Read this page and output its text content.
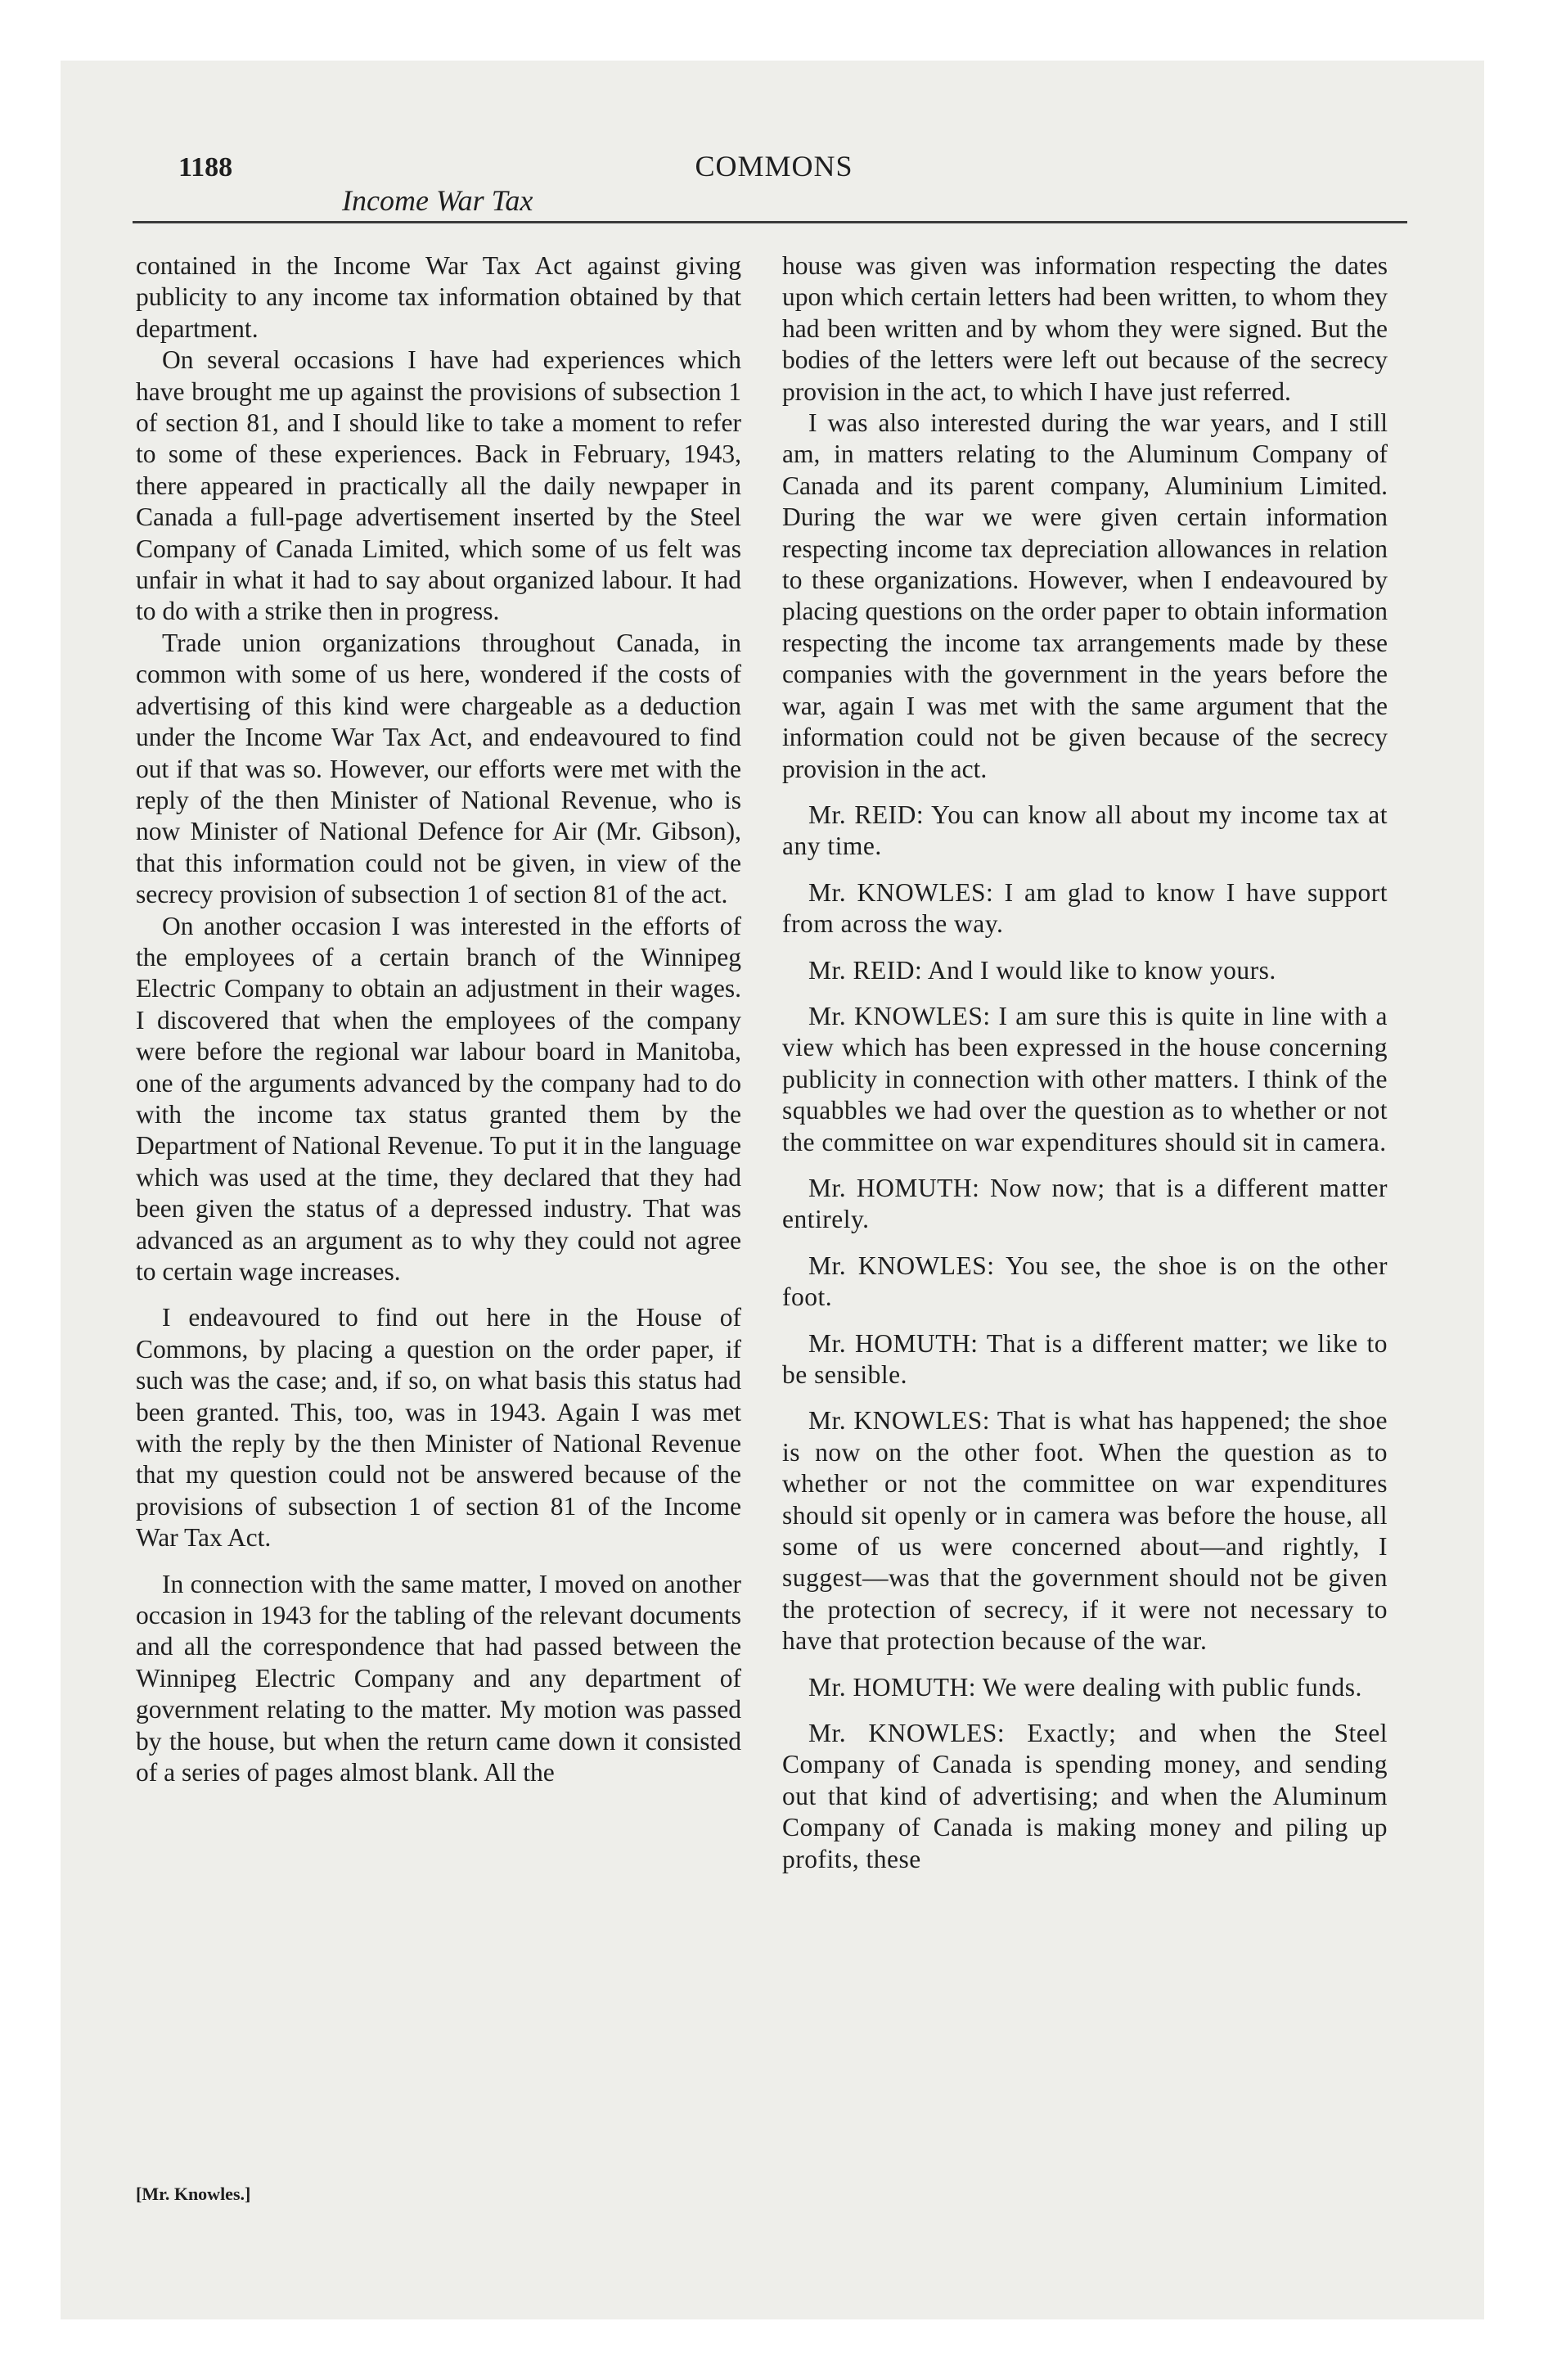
1188	COMMONS
Income War Tax

contained in the Income War Tax Act against giving publicity to any income tax information obtained by that department.

On several occasions I have had experiences which have brought me up against the provisions of subsection 1 of section 81, and I should like to take a moment to refer to some of these experiences. Back in February, 1943, there appeared in practically all the daily newpaper in Canada a full-page advertisement inserted by the Steel Company of Canada Limited, which some of us felt was unfair in what it had to say about organized labour. It had to do with a strike then in progress.

Trade union organizations throughout Canada, in common with some of us here, wondered if the costs of advertising of this kind were chargeable as a deduction under the Income War Tax Act, and endeavoured to find out if that was so. However, our efforts were met with the reply of the then Minister of National Revenue, who is now Minister of National Defence for Air (Mr. Gibson), that this information could not be given, in view of the secrecy provision of subsection 1 of section 81 of the act.

On another occasion I was interested in the efforts of the employees of a certain branch of the Winnipeg Electric Company to obtain an adjustment in their wages. I discovered that when the employees of the company were before the regional war labour board in Manitoba, one of the arguments advanced by the company had to do with the income tax status granted them by the Department of National Revenue. To put it in the language which was used at the time, they declared that they had been given the status of a depressed industry. That was advanced as an argument as to why they could not agree to certain wage increases.

I endeavoured to find out here in the House of Commons, by placing a question on the order paper, if such was the case; and, if so, on what basis this status had been granted. This, too, was in 1943. Again I was met with the reply by the then Minister of National Revenue that my question could not be answered because of the provisions of subsection 1 of section 81 of the Income War Tax Act.

In connection with the same matter, I moved on another occasion in 1943 for the tabling of the relevant documents and all the correspondence that had passed between the Winnipeg Electric Company and any department of government relating to the matter. My motion was passed by the house, but when the return came down it consisted of a series of pages almost blank. All the

house was given was information respecting the dates upon which certain letters had been written, to whom they had been written and by whom they were signed. But the bodies of the letters were left out because of the secrecy provision in the act, to which I have just referred.

I was also interested during the war years, and I still am, in matters relating to the Aluminum Company of Canada and its parent company, Aluminium Limited. During the war we were given certain information respecting income tax depreciation allowances in relation to these organizations. However, when I endeavoured by placing questions on the order paper to obtain information respecting the income tax arrangements made by these companies with the government in the years before the war, again I was met with the same argument that the information could not be given because of the secrecy provision in the act.

Mr. REID: You can know all about my income tax at any time.

Mr. KNOWLES: I am glad to know I have support from across the way.

Mr. REID: And I would like to know yours.

Mr. KNOWLES: I am sure this is quite in line with a view which has been expressed in the house concerning publicity in connection with other matters. I think of the squabbles we had over the question as to whether or not the committee on war expenditures should sit in camera.

Mr. HOMUTH: Now now; that is a different matter entirely.

Mr. KNOWLES: You see, the shoe is on the other foot.

Mr. HOMUTH: That is a different matter; we like to be sensible.

Mr. KNOWLES: That is what has happened; the shoe is now on the other foot. When the question as to whether or not the committee on war expenditures should sit openly or in camera was before the house, all some of us were concerned about—and rightly, I suggest—was that the government should not be given the protection of secrecy, if it were not necessary to have that protection because of the war.

Mr. HOMUTH: We were dealing with public funds.

Mr. KNOWLES: Exactly; and when the Steel Company of Canada is spending money, and sending out that kind of advertising; and when the Aluminum Company of Canada is making money and piling up profits, these

[Mr. Knowles.]
